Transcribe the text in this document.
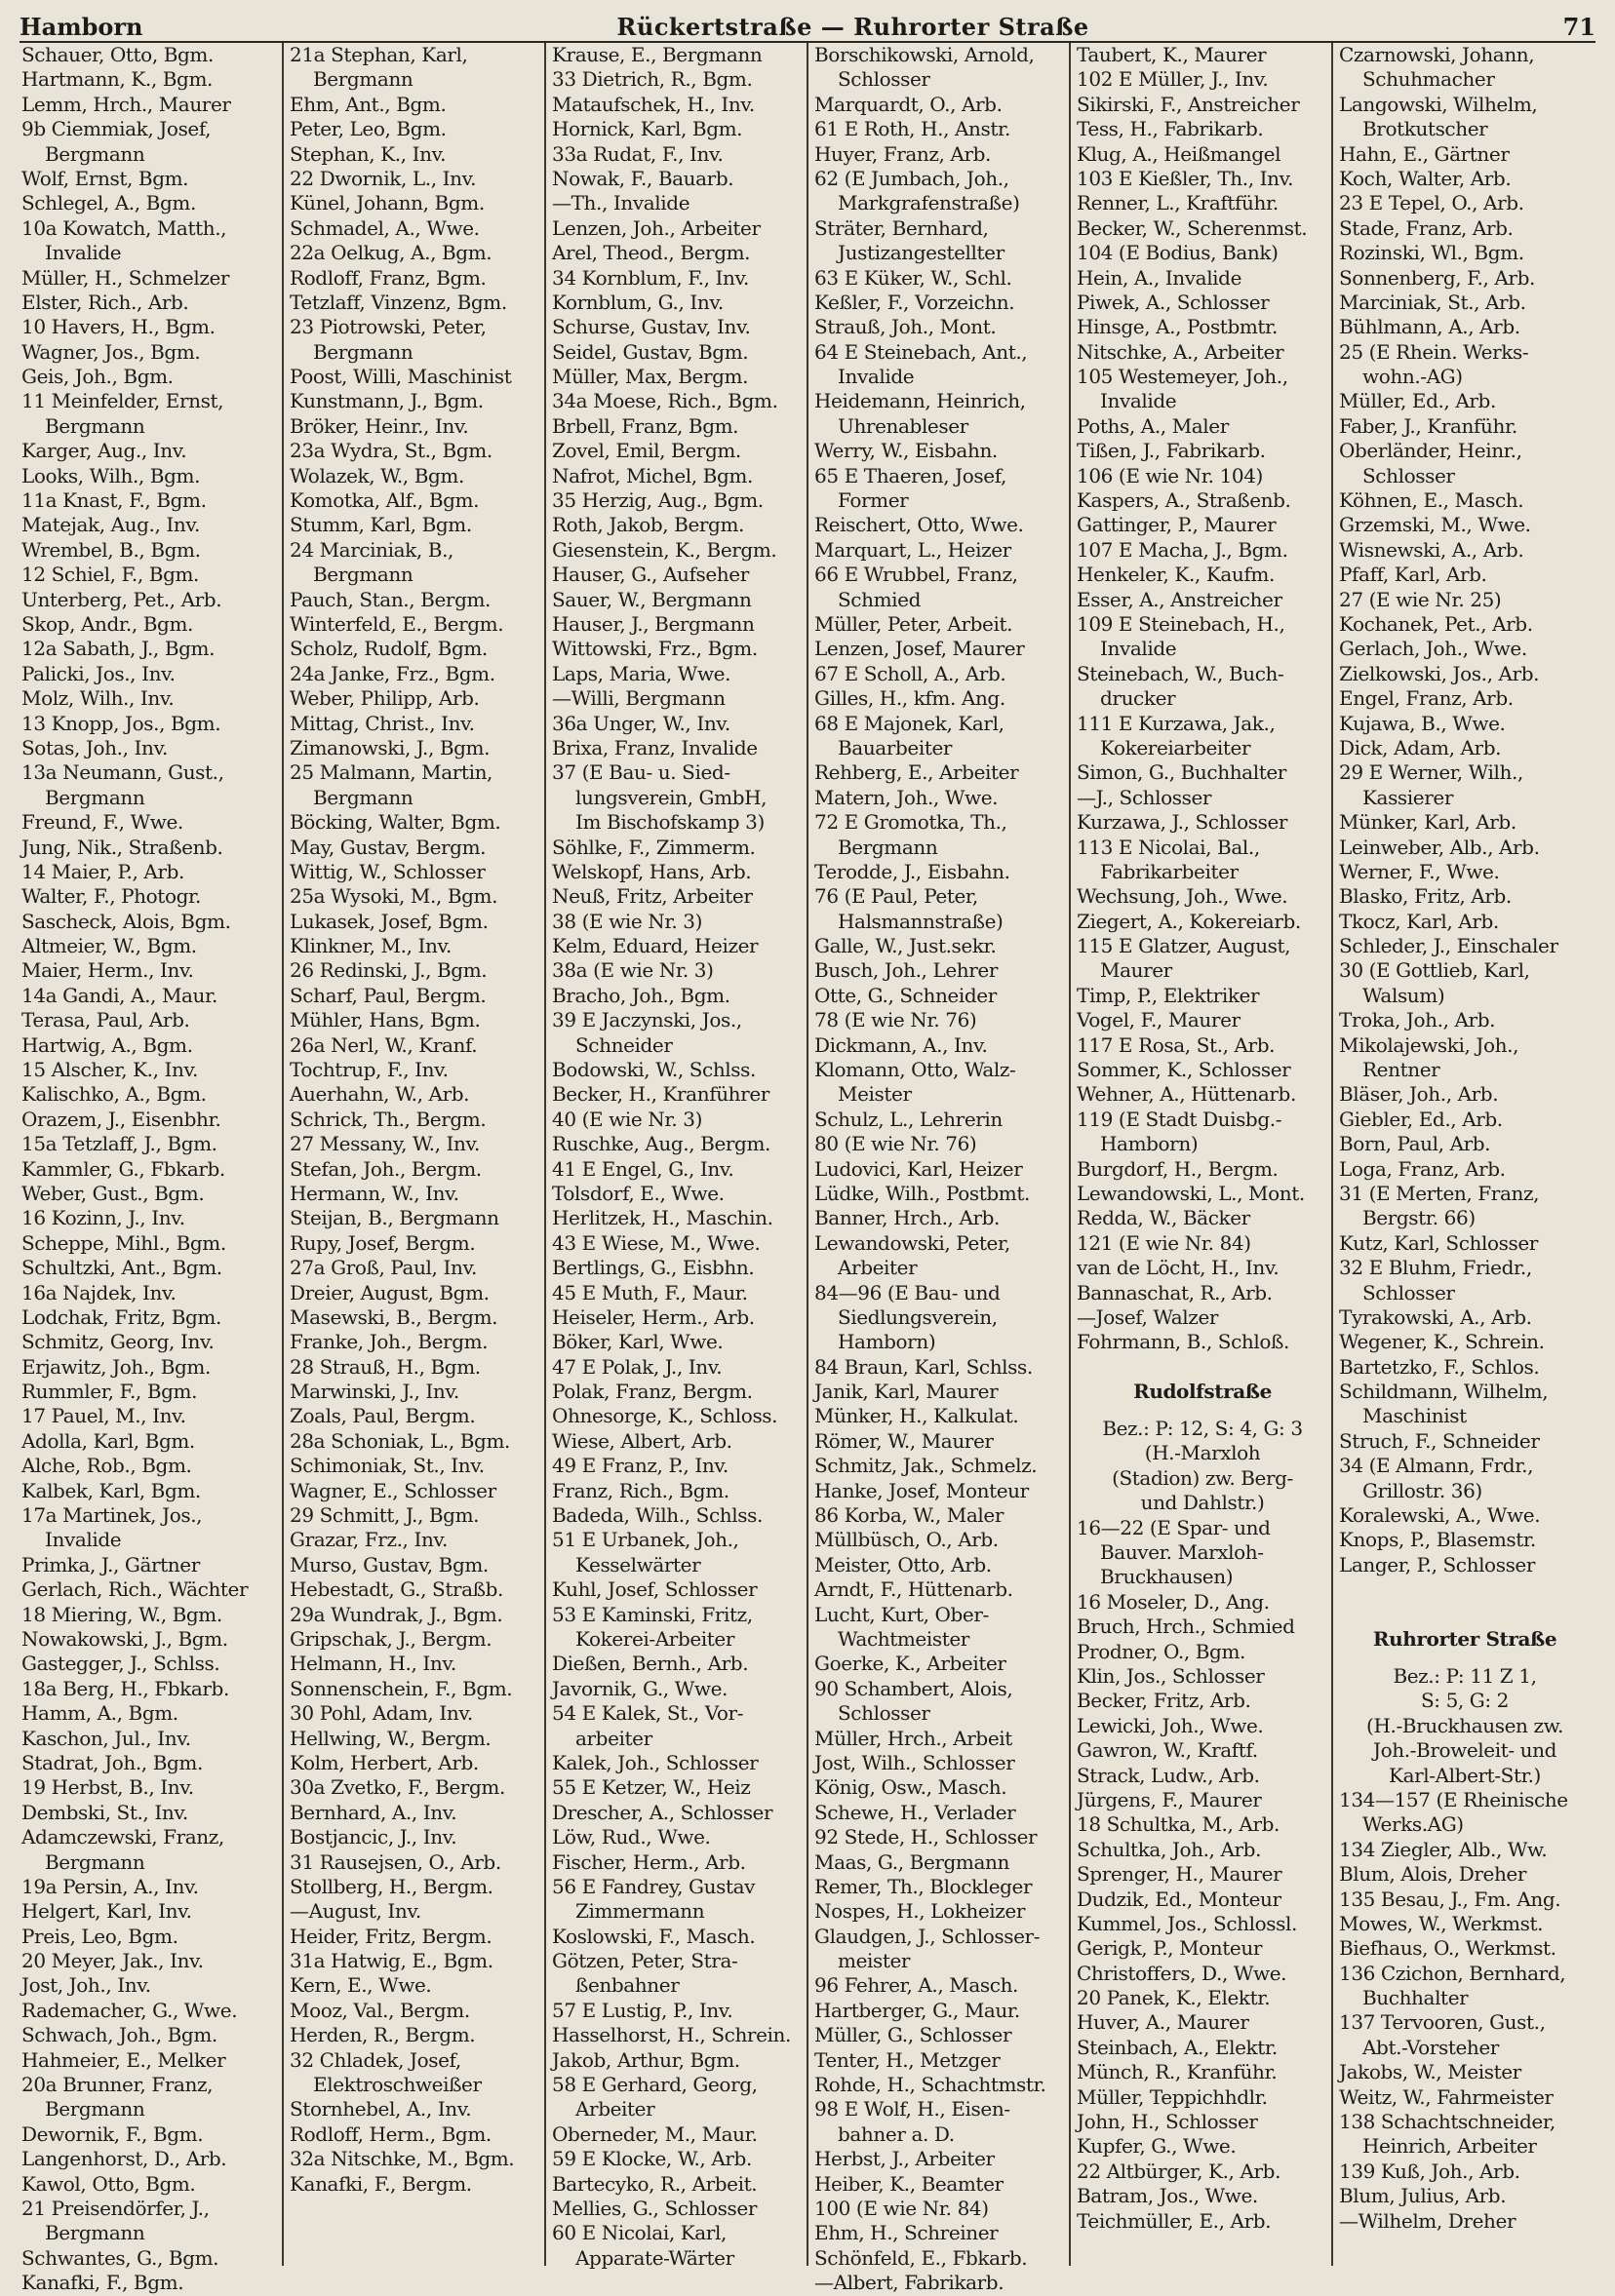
Hamborn	Rückertstraße — Ruhrorter Straße	71
Schauer, Otto, Bgm.
Hartmann, K., Bgm.
Lemm, Hrch., Maurer
9b Ciemmiak, Josef,
Bergmann
Wolf, Ernst, Bgm.
Schlegel, A., Bgm.
10a Kowatch, Matth.,
Invalide
Müller, H., Schmelzer
Elster, Rich., Arb.
10 Havers, H., Bgm.
Wagner, Jos., Bgm.
Geis, Joh., Bgm.
11 Meinfelder, Ernst,
Bergmann
Karger, Aug., Inv.
Looks, Wilh., Bgm.
11a Knast, F., Bgm.
Matejak, Aug., Inv.
Wrembel, B., Bgm.
12 Schiel, F., Bgm.
Unterberg, Pet., Arb.
Skop, Andr., Bgm.
12a Sabath, J., Bgm.
Palicki, Jos., Inv.
Molz, Wilh., Inv.
13 Knopp, Jos., Bgm.
Sotas, Joh., Inv.
13a Neumann, Gust.,
Bergmann
Freund, F., Wwe.
Jung, Nik., Straßenb.
14 Maier, P., Arb.
Walter, F., Photogr.
Sascheck, Alois, Bgm.
Altmeier, W., Bgm.
Maier, Herm., Inv.
14a Gandi, A., Maur.
Terasa, Paul, Arb.
Hartwig, A., Bgm.
15 Alscher, K., Inv.
Kalischko, A., Bgm.
Orazem, J., Eisenbhr.
15a Tetzlaff, J., Bgm.
Kammler, G., Fbkarb.
Weber, Gust., Bgm.
16 Kozinn, J., Inv.
Scheppe, Mihl., Bgm.
Schultzki, Ant., Bgm.
16a Najdek, Inv.
Lodchak, Fritz, Bgm.
Schmitz, Georg, Inv.
Erjawitz, Joh., Bgm.
Rummler, F., Bgm.
17 Pauel, M., Inv.
Adolla, Karl, Bgm.
Alche, Rob., Bgm.
Kalbek, Karl, Bgm.
17a Martinek, Jos.,
Invalide
Primka, J., Gärtner
Gerlach, Rich., Wächter
18 Miering, W., Bgm.
Nowakowski, J., Bgm.
Gastegger, J., Schlss.
18a Berg, H., Fbkarb.
Hamm, A., Bgm.
Kaschon, Jul., Inv.
Stadrat, Joh., Bgm.
19 Herbst, B., Inv.
Dembski, St., Inv.
Adamczewski, Franz,
Bergmann
19a Persin, A., Inv.
Helgert, Karl, Inv.
Preis, Leo, Bgm.
20 Meyer, Jak., Inv.
Jost, Joh., Inv.
Rademacher, G., Wwe.
Schwach, Joh., Bgm.
Hahmeier, E., Melker
20a Brunner, Franz,
Bergmann
Dewornik, F., Bgm.
Langenhorst, D., Arb.
Kawol, Otto, Bgm.
21 Preisendörfer, J.,
Bergmann
Schwantes, G., Bgm.
Kanafki, F., Bgm.
21a Stephan, Karl,
Bergmann
Ehm, Ant., Bgm.
Peter, Leo, Bgm.
Stephan, K., Inv.
22 Dwornik, L., Inv.
Künel, Johann, Bgm.
Schmadel, A., Wwe.
22a Oelkug, A., Bgm.
Rodloff, Franz, Bgm.
Tetzlaff, Vinzenz, Bgm.
23 Piotrowski, Peter,
Bergmann
Poost, Willi, Maschinist
Kunstmann, J., Bgm.
Bröker, Heinr., Inv.
23a Wydra, St., Bgm.
Wolazek, W., Bgm.
Komotka, Alf., Bgm.
Stumm, Karl, Bgm.
24 Marciniak, B.,
Bergmann
Pauch, Stan., Bergm.
Winterfeld, E., Bergm.
Scholz, Rudolf, Bgm.
24a Janke, Frz., Bgm.
Weber, Philipp, Arb.
Mittag, Christ., Inv.
Zimanowski, J., Bgm.
25 Malmann, Martin,
Bergmann
Böcking, Walter, Bgm.
May, Gustav, Bergm.
Wittig, W., Schlosser
25a Wysoki, M., Bgm.
Lukasek, Josef, Bgm.
Klinkner, M., Inv.
26 Redinski, J., Bgm.
Scharf, Paul, Bergm.
Mühler, Hans, Bgm.
26a Nerl, W., Kranf.
Tochtrup, F., Inv.
Auerhahn, W., Arb.
Schrick, Th., Bergm.
27 Messany, W., Inv.
Stefan, Joh., Bergm.
Hermann, W., Inv.
Steijan, B., Bergmann
Rupy, Josef, Bergm.
27a Groß, Paul, Inv.
Dreier, August, Bgm.
Masewski, B., Bergm.
Franke, Joh., Bergm.
28 Strauß, H., Bgm.
Marwinski, J., Inv.
Zoals, Paul, Bergm.
28a Schoniak, L., Bgm.
Schimoniak, St., Inv.
Wagner, E., Schlosser
29 Schmitt, J., Bgm.
Grazar, Frz., Inv.
Murso, Gustav, Bgm.
Hebestadt, G., Straßb.
29a Wundrak, J., Bgm.
Gripschak, J., Bergm.
Helmann, H., Inv.
Sonnenschein, F., Bgm.
30 Pohl, Adam, Inv.
Hellwing, W., Bergm.
Kolm, Herbert, Arb.
30a Zvetko, F., Bergm.
Bernhard, A., Inv.
Bostjancic, J., Inv.
31 Rausejsen, O., Arb.
Stollberg, H., Bergm.
—August, Inv.
Heider, Fritz, Bergm.
31a Hatwig, E., Bgm.
Kern, E., Wwe.
Mooz, Val., Bergm.
Herden, R., Bergm.
32 Chladek, Josef,
Elektroschweißer
Stornhebel, A., Inv.
Rodloff, Herm., Bgm.
32a Nitschke, M., Bgm.
Kanafki, F., Bergm.
Krause, E., Bergmann
33 Dietrich, R., Bgm.
Mataufschek, H., Inv.
Hornick, Karl, Bgm.
33a Rudat, F., Inv.
Nowak, F., Bauarb.
—Th., Invalide
Lenzen, Joh., Arbeiter
Arel, Theod., Bergm.
34 Kornblum, F., Inv.
Kornblum, G., Inv.
Schurse, Gustav, Inv.
Seidel, Gustav, Bgm.
Müller, Max, Bergm.
34a Moese, Rich., Bgm.
Brbell, Franz, Bgm.
Zovel, Emil, Bergm.
Nafrot, Michel, Bgm.
35 Herzig, Aug., Bgm.
Roth, Jakob, Bergm.
Giesenstein, K., Bergm.
Hauser, G., Aufseher
Sauer, W., Bergmann
Hauser, J., Bergmann
Wittowski, Frz., Bgm.
Laps, Maria, Wwe.
—Willi, Bergmann
36a Unger, W., Inv.
Brixa, Franz, Invalide
37 (E Bau- u. Sied-
lungsverein, GmbH,
Im Bischofskamp 3)
Söhlke, F., Zimmerm.
Welskopf, Hans, Arb.
Neuß, Fritz, Arbeiter
38 (E wie Nr. 3)
Kelm, Eduard, Heizer
38a (E wie Nr. 3)
Bracho, Joh., Bgm.
39 E Jaczynski, Jos.,
Schneider
Bodowski, W., Schlss.
Becker, H., Kranführer
40 (E wie Nr. 3)
Ruschke, Aug., Bergm.
41 E Engel, G., Inv.
Tolsdorf, E., Wwe.
Herlitzek, H., Maschin.
43 E Wiese, M., Wwe.
Bertlings, G., Eisbhn.
45 E Muth, F., Maur.
Heiseler, Herm., Arb.
Böker, Karl, Wwe.
47 E Polak, J., Inv.
Polak, Franz, Bergm.
Ohnesorge, K., Schloss.
Wiese, Albert, Arb.
49 E Franz, P., Inv.
Franz, Rich., Bgm.
Badeda, Wilh., Schlss.
51 E Urbanek, Joh.,
Kesselwärter
Kuhl, Josef, Schlosser
53 E Kaminski, Fritz,
Kokerei-Arbeiter
Dießen, Bernh., Arb.
Javornik, G., Wwe.
54 E Kalek, St., Vor-
arbeiter
Kalek, Joh., Schlosser
55 E Ketzer, W., Heiz
Drescher, A., Schlosser
Löw, Rud., Wwe.
Fischer, Herm., Arb.
56 E Fandrey, Gustav
Zimmermann
Koslowski, F., Masch.
Götzen, Peter, Stra-
ßenbahner
57 E Lustig, P., Inv.
Hasselhorst, H., Schrein.
Jakob, Arthur, Bgm.
58 E Gerhard, Georg,
Arbeiter
Oberneder, M., Maur.
59 E Klocke, W., Arb.
Bartecyko, R., Arbeit.
Mellies, G., Schlosser
60 E Nicolai, Karl,
Apparate-Wärter
Borschikowski, Arnold,
Schlosser
Marquardt, O., Arb.
61 E Roth, H., Anstr.
Huyer, Franz, Arb.
62 (E Jumbach, Joh.,
Markgrafenstraße)
Sträter, Bernhard,
Justizangestellter
63 E Küker, W., Schl.
Keßler, F., Vorzeichn.
Strauß, Joh., Mont.
64 E Steinebach, Ant.,
Invalide
Heidemann, Heinrich,
Uhrenableser
Werry, W., Eisbahn.
65 E Thaeren, Josef,
Former
Reischert, Otto, Wwe.
Marquart, L., Heizer
66 E Wrubbel, Franz,
Schmied
Müller, Peter, Arbeit.
Lenzen, Josef, Maurer
67 E Scholl, A., Arb.
Gilles, H., kfm. Ang.
68 E Majonek, Karl,
Bauarbeiter
Rehberg, E., Arbeiter
Matern, Joh., Wwe.
72 E Gromotka, Th.,
Bergmann
Terodde, J., Eisbahn.
76 (E Paul, Peter,
Halsmannstraße)
Galle, W., Just.sekr.
Busch, Joh., Lehrer
Otte, G., Schneider
78 (E wie Nr. 76)
Dickmann, A., Inv.
Klomann, Otto, Walz-
Meister
Schulz, L., Lehrerin
80 (E wie Nr. 76)
Ludovici, Karl, Heizer
Lüdke, Wilh., Postbmt.
Banner, Hrch., Arb.
Lewandowski, Peter,
Arbeiter
84—96 (E Bau- und
Siedlungsverein,
Hamborn)
84 Braun, Karl, Schlss.
Janik, Karl, Maurer
Münker, H., Kalkulat.
Römer, W., Maurer
Schmitz, Jak., Schmelz.
Hanke, Josef, Monteur
86 Korba, W., Maler
Müllbüsch, O., Arb.
Meister, Otto, Arb.
Arndt, F., Hüttenarb.
Lucht, Kurt, Ober-
Wachtmeister
Goerke, K., Arbeiter
90 Schambert, Alois,
Schlosser
Müller, Hrch., Arbeit
Jost, Wilh., Schlosser
König, Osw., Masch.
Schewe, H., Verlader
92 Stede, H., Schlosser
Maas, G., Bergmann
Remer, Th., Blockleger
Nospes, H., Lokheizer
Glaudgen, J., Schlosser-
meister
96 Fehrer, A., Masch.
Hartberger, G., Maur.
Müller, G., Schlosser
Tenter, H., Metzger
Rohde, H., Schachtmstr.
98 E Wolf, H., Eisen-
bahner a. D.
Herbst, J., Arbeiter
Heiber, K., Beamter
100 (E wie Nr. 84)
Ehm, H., Schreiner
Schönfeld, E., Fbkarb.
—Albert, Fabrikarb.
Taubert, K., Maurer
102 E Müller, J., Inv.
Sikirski, F., Anstreicher
Tess, H., Fabrikarb.
Klug, A., Heißmangel
103 E Kießler, Th., Inv.
Renner, L., Kraftführ.
Becker, W., Scherenmst.
104 (E Bodius, Bank)
Hein, A., Invalide
Piwek, A., Schlosser
Hinsge, A., Postbmtr.
Nitschke, A., Arbeiter
105 Westemeyer, Joh.,
Invalide
Poths, A., Maler
Tißen, J., Fabrikarb.
106 (E wie Nr. 104)
Kaspers, A., Straßenb.
Gattinger, P., Maurer
107 E Macha, J., Bgm.
Henkeler, K., Kaufm.
Esser, A., Anstreicher
109 E Steinebach, H.,
Invalide
Steinebach, W., Buch-
drucker
111 E Kurzawa, Jak.,
Kokereiarbeiter
Simon, G., Buchhalter
—J., Schlosser
Kurzawa, J., Schlosser
113 E Nicolai, Bal.,
Fabrikarbeiter
Wechsung, Joh., Wwe.
Ziegert, A., Kokereiarb.
115 E Glatzer, August,
Maurer
Timp, P., Elektriker
Vogel, F., Maurer
117 E Rosa, St., Arb.
Sommer, K., Schlosser
Wehner, A., Hüttenarb.
119 (E Stadt Duisbg.-
Hamborn)
Burgdorf, H., Bergm.
Lewandowski, L., Mont.
Redda, W., Bäcker
121 (E wie Nr. 84)
van de Löcht, H., Inv.
Bannaschat, R., Arb.
—Josef, Walzer
Fohrmann, B., Schloß.
Rudolfstraße
Bez.: P: 12, S: 4, G: 3
(H.-Marxloh
(Stadion) zw. Berg-
und Dahlstr.)
16—22 (E Spar- und
Bauver. Marxloh-
Bruckhausen)
16 Moseler, D., Ang.
Bruch, Hrch., Schmied
Prodner, O., Bgm.
Klin, Jos., Schlosser
Becker, Fritz, Arb.
Lewicki, Joh., Wwe.
Gawron, W., Kraftf.
Strack, Ludw., Arb.
Jürgens, F., Maurer
18 Schultka, M., Arb.
Schultka, Joh., Arb.
Sprenger, H., Maurer
Dudzik, Ed., Monteur
Kummel, Jos., Schlossl.
Gerigk, P., Monteur
Christoffers, D., Wwe.
20 Panek, K., Elektr.
Huver, A., Maurer
Steinbach, A., Elektr.
Münch, R., Kranführ.
Müller, Teppichhdlr.
John, H., Schlosser
Kupfer, G., Wwe.
22 Altbürger, K., Arb.
Batram, Jos., Wwe.
Teichmüller, E., Arb.
Czarnowski, Johann,
Schuhmacher
Langowski, Wilhelm,
Brotkutscher
Hahn, E., Gärtner
Koch, Walter, Arb.
23 E Tepel, O., Arb.
Stade, Franz, Arb.
Rozinski, Wl., Bgm.
Sonnenberg, F., Arb.
Marciniak, St., Arb.
Bühlmann, A., Arb.
25 (E Rhein. Werks-
wohn.-AG)
Müller, Ed., Arb.
Faber, J., Kranführ.
Oberländer, Heinr.,
Schlosser
Köhnen, E., Masch.
Grzemski, M., Wwe.
Wisnewski, A., Arb.
Pfaff, Karl, Arb.
27 (E wie Nr. 25)
Kochanek, Pet., Arb.
Gerlach, Joh., Wwe.
Zielkowski, Jos., Arb.
Engel, Franz, Arb.
Kujawa, B., Wwe.
Dick, Adam, Arb.
29 E Werner, Wilh.,
Kassierer
Münker, Karl, Arb.
Leinweber, Alb., Arb.
Werner, F., Wwe.
Blasko, Fritz, Arb.
Tkocz, Karl, Arb.
Schleder, J., Einschaler
30 (E Gottlieb, Karl,
Walsum)
Troka, Joh., Arb.
Mikolajewski, Joh.,
Rentner
Bläser, Joh., Arb.
Giebler, Ed., Arb.
Born, Paul, Arb.
Loga, Franz, Arb.
31 (E Merten, Franz,
Bergstr. 66)
Kutz, Karl, Schlosser
32 E Bluhm, Friedr.,
Schlosser
Tyrakowski, A., Arb.
Wegener, K., Schrein.
Bartetzko, F., Schlos.
Schildmann, Wilhelm,
Maschinist
Struch, F., Schneider
34 (E Almann, Frdr.,
Grillostr. 36)
Koralewski, A., Wwe.
Knops, P., Blasemstr.
Langer, P., Schlosser
Ruhrorter Straße
Bez.: P: 11 Z 1,
S: 5, G: 2
(H.-Bruckhausen zw.
Joh.-Broweleit- und
Karl-Albert-Str.)
134—157 (E Rheinische
Werks.AG)
134 Ziegler, Alb., Ww.
Blum, Alois, Dreher
135 Besau, J., Fm. Ang.
Mowes, W., Werkmst.
Biefhaus, O., Werkmst.
136 Czichon, Bernhard,
Buchhalter
137 Tervooren, Gust.,
Abt.-Vorsteher
Jakobs, W., Meister
Weitz, W., Fahrmeister
138 Schachtschneider,
Heinrich, Arbeiter
139 Kuß, Joh., Arb.
Blum, Julius, Arb.
—Wilhelm, Dreher
